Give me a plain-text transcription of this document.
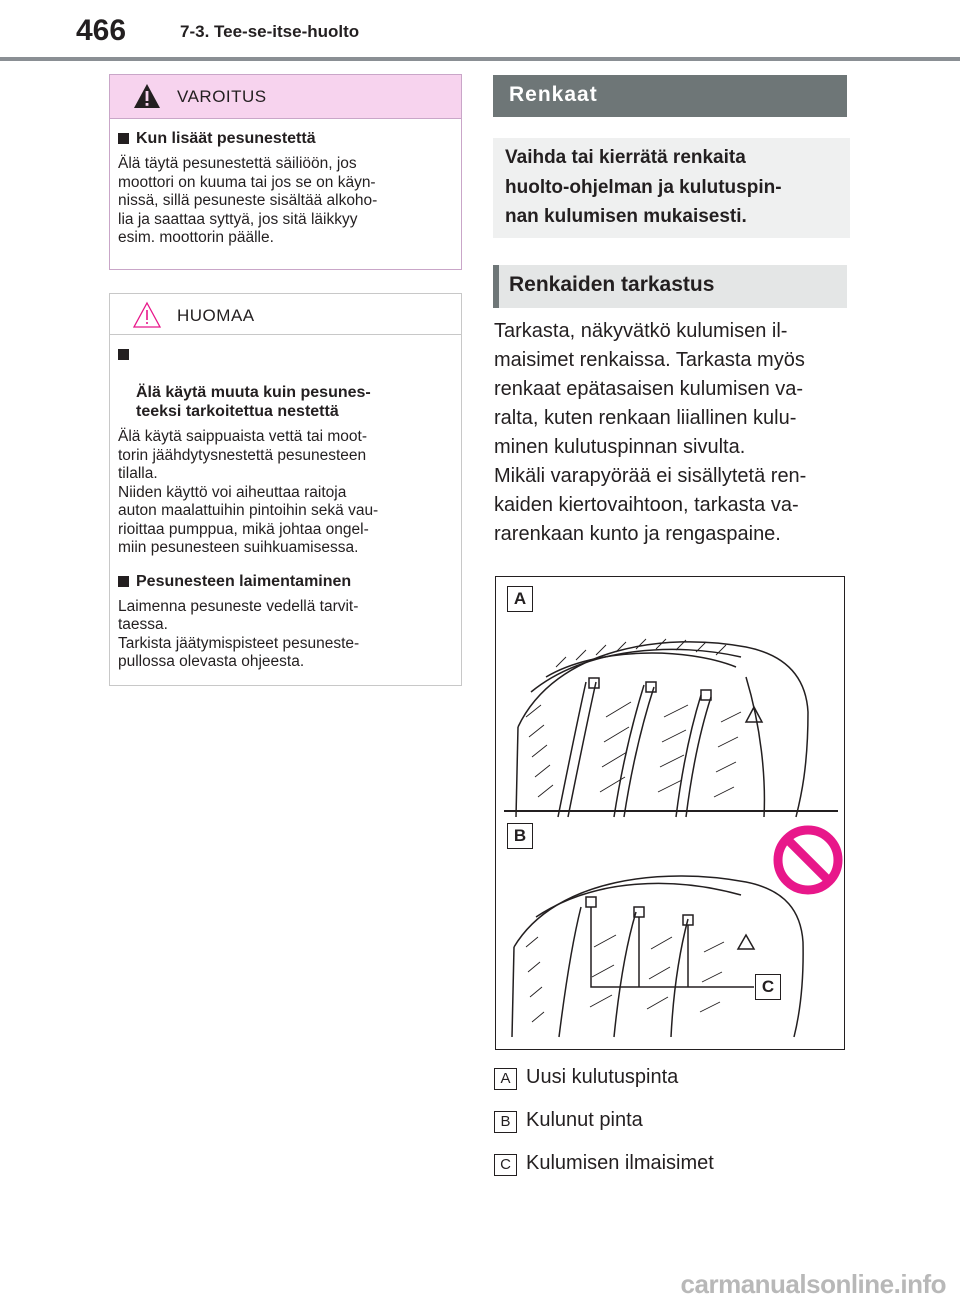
466	7-3. Tee-se-itse-huolto
VAROITUS
Kun lisäät pesunestettä
Älä täytä pesunestettä säiliöön, jos
moottori on kuuma tai jos se on käyn-
nissä, sillä pesuneste sisältää alkoho-
lia ja saattaa syttyä, jos sitä läikkyy
esim. moottorin päälle.
HUOMAA

Älä käytä muuta kuin pesunes-
teeksi tarkoitettua nestettä

Älä käytä saippuaista vettä tai moot-
torin jäähdytysnestettä pesunesteen
tilalla.
Niiden käyttö voi aiheuttaa raitoja
auton maalattuihin pintoihin sekä vau-
rioittaa pumppua, mikä johtaa ongel-
miin pesunesteen suihkuamisessa.
Pesunesteen laimentaminen
Laimenna pesuneste vedellä tarvit-
taessa.
Tarkista jäätymispisteet pesuneste-
pullossa olevasta ohjeesta.
Renkaat
Vaihda tai kierrätä renkaita
huolto-ohjelman ja kulutuspin-
nan kulumisen mukaisesti.
Renkaiden tarkastus
Tarkasta, näkyvätkö kulumisen il-
maisimet renkaissa. Tarkasta myös
renkaat epätasaisen kulumisen va-
ralta, kuten renkaan liiallinen kulu-
minen kulutuspinnan sivulta.
Mikäli varapyörää ei sisällytetä ren-
kaiden kiertovaihtoon, tarkasta va-
rarenkaan kunto ja rengaspaine.
A
B
C
A Uusi kulutuspinta
B Kulunut pinta
C Kulumisen ilmaisimet
carmanualsonline.info
